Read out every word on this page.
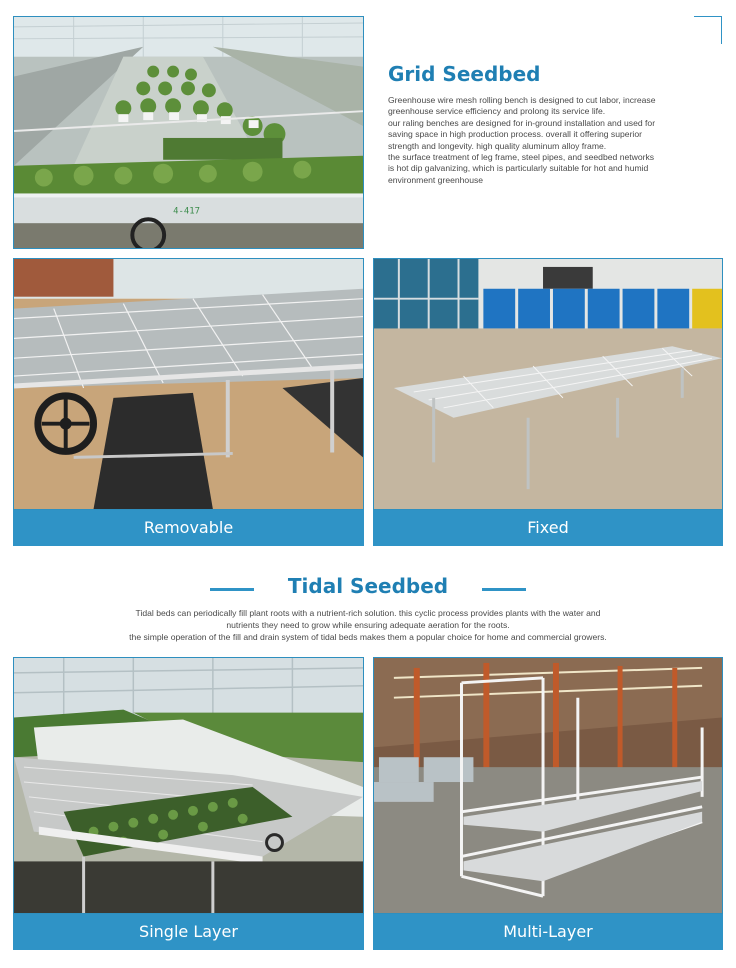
4-417
Grid Seedbed

Greenhouse wire mesh rolling bench is designed to cut labor, increase

greenhouse service efficiency and prolong its service life.

our raling benches are designed for in-ground installation and used for

saving space in high production process. overall it offering superior

strength and longevity. high quality aluminum alloy frame.

the surface treatment of leg frame, steel pipes, and seedbed networks

is hot dip galvanizing, which is particularly suitable for hot and humid

environment greenhouse

Removable	Fixed
Tidal Seedbed

Tidal beds can periodically fill plant roots with a nutrient-rich solution. this cyclic process provides plants with the water and

nutrients they need to grow while ensuring adequate aeration for the roots.

the simple operation of the fill and drain system of tidal beds makes them a popular choice for home and commercial growers.

Single Layer	Multi-Layer
